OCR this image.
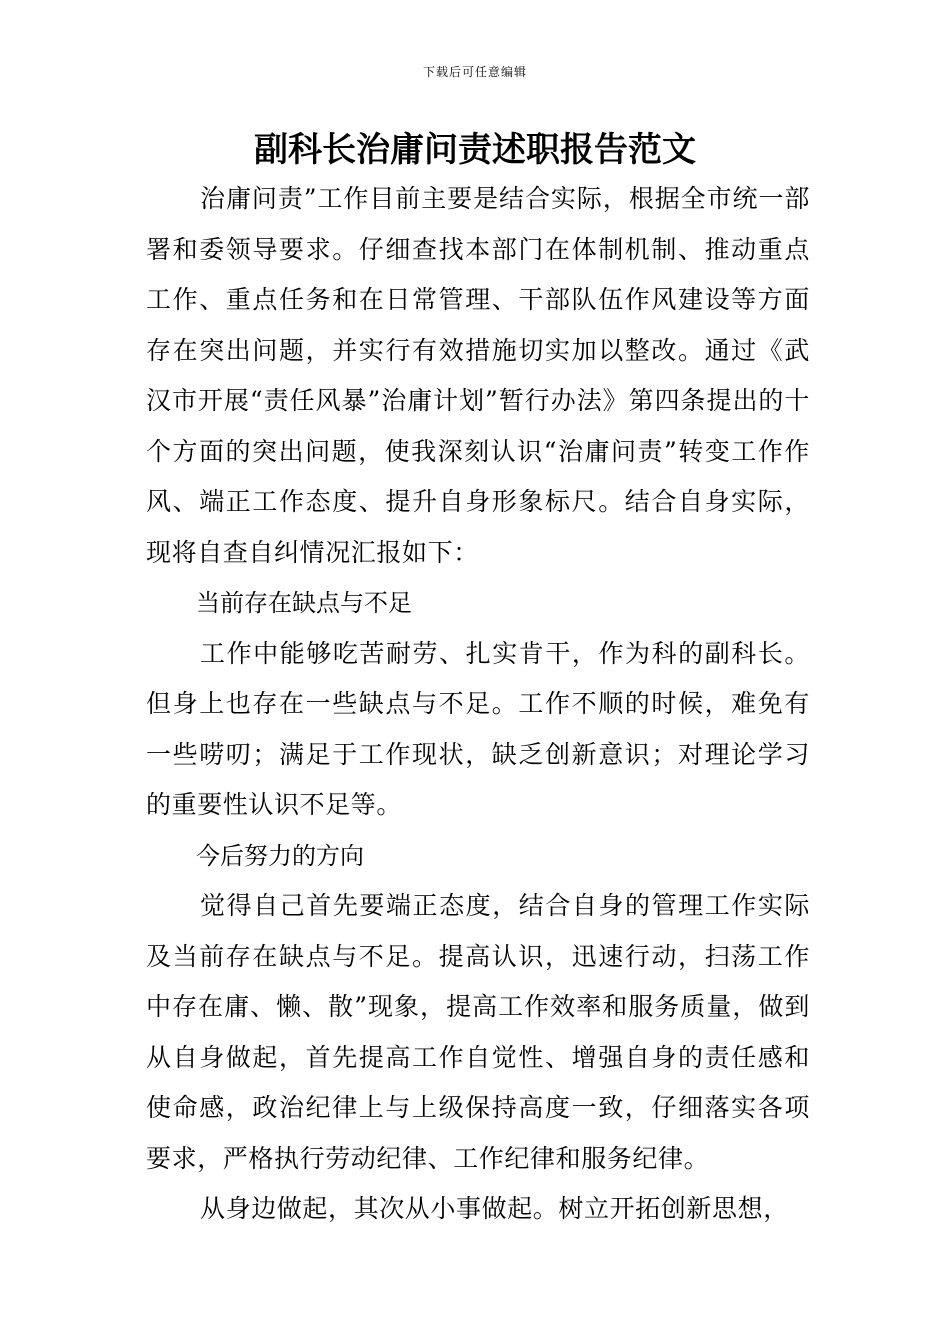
下载后可任意编辑
副科长治庸问责述职报告范文

治庸问责”工作目前主要是结合实际，根据全市统一部署和委领导要求。仔细查找本部门在体制机制、推动重点工作、重点任务和在日常管理、干部队伍作风建设等方面存在突出问题，并实行有效措施切实加以整改。通过《武汉市开展“责任风暴”治庸计划”暂行办法》第四条提出的十个方面的突出问题，使我深刻认识“治庸问责”转变工作作风、端正工作态度、提升自身形象标尺。结合自身实际，现将自查自纠情况汇报如下：

当前存在缺点与不足

工作中能够吃苦耐劳、扎实肯干，作为科的副科长。但身上也存在一些缺点与不足。工作不顺的时候，难免有一些唠叨；满足于工作现状，缺乏创新意识；对理论学习的重要性认识不足等。

今后努力的方向

觉得自己首先要端正态度，结合自身的管理工作实际及当前存在缺点与不足。提高认识，迅速行动，扫荡工作中存在庸、懒、散”现象，提高工作效率和服务质量，做到从自身做起，首先提高工作自觉性、增强自身的责任感和使命感，政治纪律上与上级保持高度一致，仔细落实各项要求，严格执行劳动纪律、工作纪律和服务纪律。

从身边做起，其次从小事做起。树立开拓创新思想，
